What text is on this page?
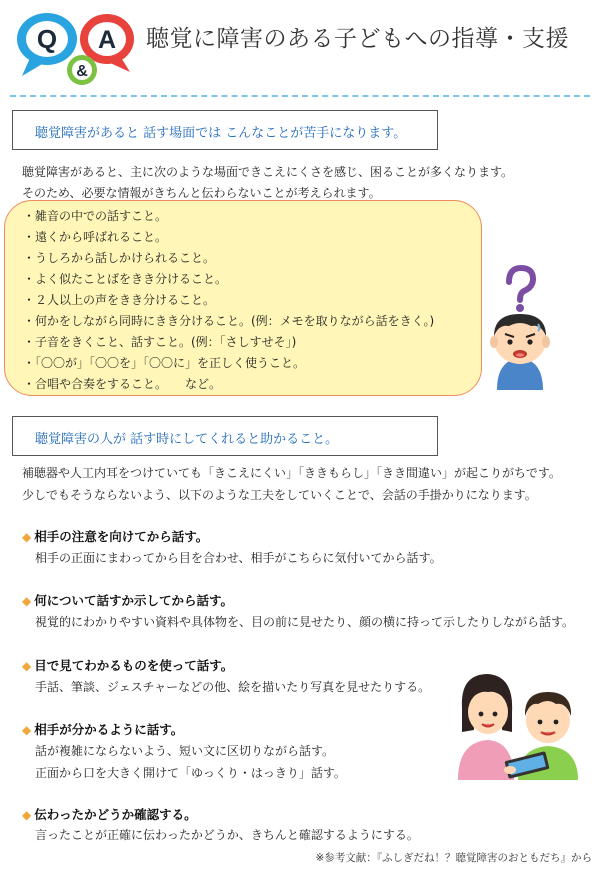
Q A
&
聴覚に障害のある子どもへの指導・支援
聴覚障害があると 話す場面では こんなことが苦手になります。
聴覚障害があると、主に次のような場面できこえにくさを感じ、困ることが多くなります。
そのため、必要な情報がきちんと伝わらないことが考えられます。
・雑音の中での話すこと。
・遠くから呼ばれること。
・うしろから話しかけられること。
・よく似たことばをきき分けること。
・２人以上の声をきき分けること。
・何かをしながら同時にきき分けること。(例：メモを取りながら話をきく。)
・子音をきくこと、話すこと。(例：「さしすせそ」)
・「〇〇が」「〇〇を」「〇〇に」を正しく使うこと。
・合唱や合奏をすること。　　など。
聴覚障害の人が 話す時にしてくれると助かること。
補聴器や人工内耳をつけていても「きこえにくい」「ききもらし」「きき間違い」が起こりがちです。
少しでもそうならないよう、以下のような工夫をしていくことで、会話の手掛かりになります。
◆ 相手の注意を向けてから話す。
相手の正面にまわってから目を合わせ、相手がこちらに気付いてから話す。
◆ 何について話すか示してから話す。
視覚的にわかりやすい資料や具体物を、目の前に見せたり、顔の横に持って示したりしながら話す。
◆ 目で見てわかるものを使って話す。
手話、筆談、ジェスチャーなどの他、絵を描いたり写真を見せたりする。
◆ 相手が分かるように話す。
話が複雑にならないよう、短い文に区切りながら話す。
正面から口を大きく開けて「ゆっくり・はっきり」話す。
◆ 伝わったかどうか確認する。
言ったことが正確に伝わったかどうか、きちんと確認するようにする。
※参考文献：『ふしぎだね！？聴覚障害のおともだち』から
